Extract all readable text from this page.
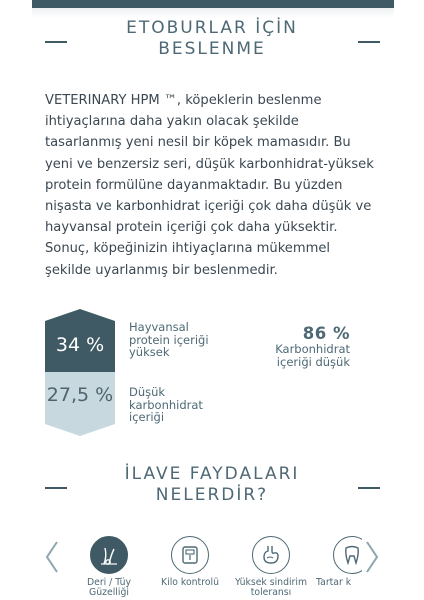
ETOBURLAR İÇİN
BESLENME

VETERINARY HPM ™, köpeklerin beslenme ihtiyaçlarına daha yakın olacak şekilde tasarlanmış yeni nesil bir köpek mamasıdır. Bu yeni ve benzersiz seri, düşük karbonhidrat-yüksek protein formülüne dayanmaktadır. Bu yüzden nişasta ve karbonhidrat içeriği çok daha düşük ve hayvansal protein içeriği çok daha yüksektir. Sonuç, köpeğinizin ihtiyaçlarına mükemmel şekilde uyarlanmış bir beslenmedir.

34 %
27,5 %
Hayvansal
protein içeriği
yüksek
Düşük
karbonhidrat
içeriği
86 %
Karbonhidrat
içeriği düşük
İLAVE FAYDALARI
NELERDİR?
Deri / Tüy
Güzelliği
Kilo kontrolü	Yüksek sindirim
toleransı
Tartar k
